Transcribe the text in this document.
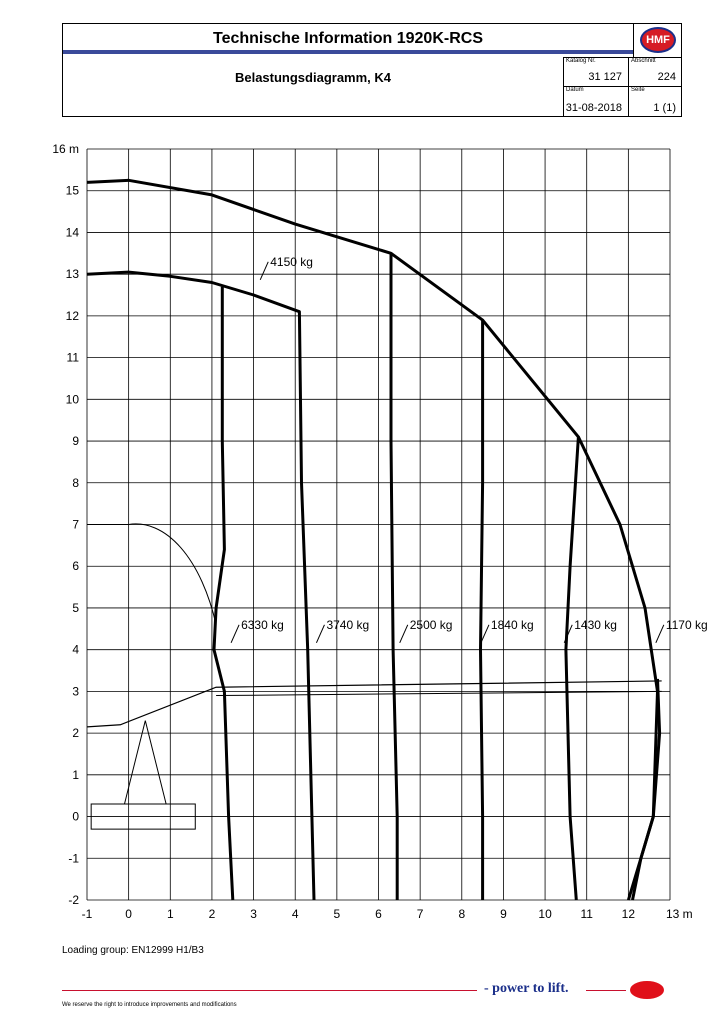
Technische Information 1920K-RCS
Belastungsdiagramm, K4
HMF
Katalog Nr.
31 127
Abschnitt
224
Datum
31-08-2018
Seite
1 (1)
-1	0	1	2	3	4	5	6	7	8	9	10 11 12	13 m
-2
-1
0
1
2
3
4
5
6
7
8
9
10
11
12
13
14
15
16 m
4150 kg
6330 kg	3740 kg	2500 kg	1840 kg	1430 kg	1170 kg
Loading group: EN12999 H1/B3
- power to lift.
We reserve the right to introduce improvements and modifications
